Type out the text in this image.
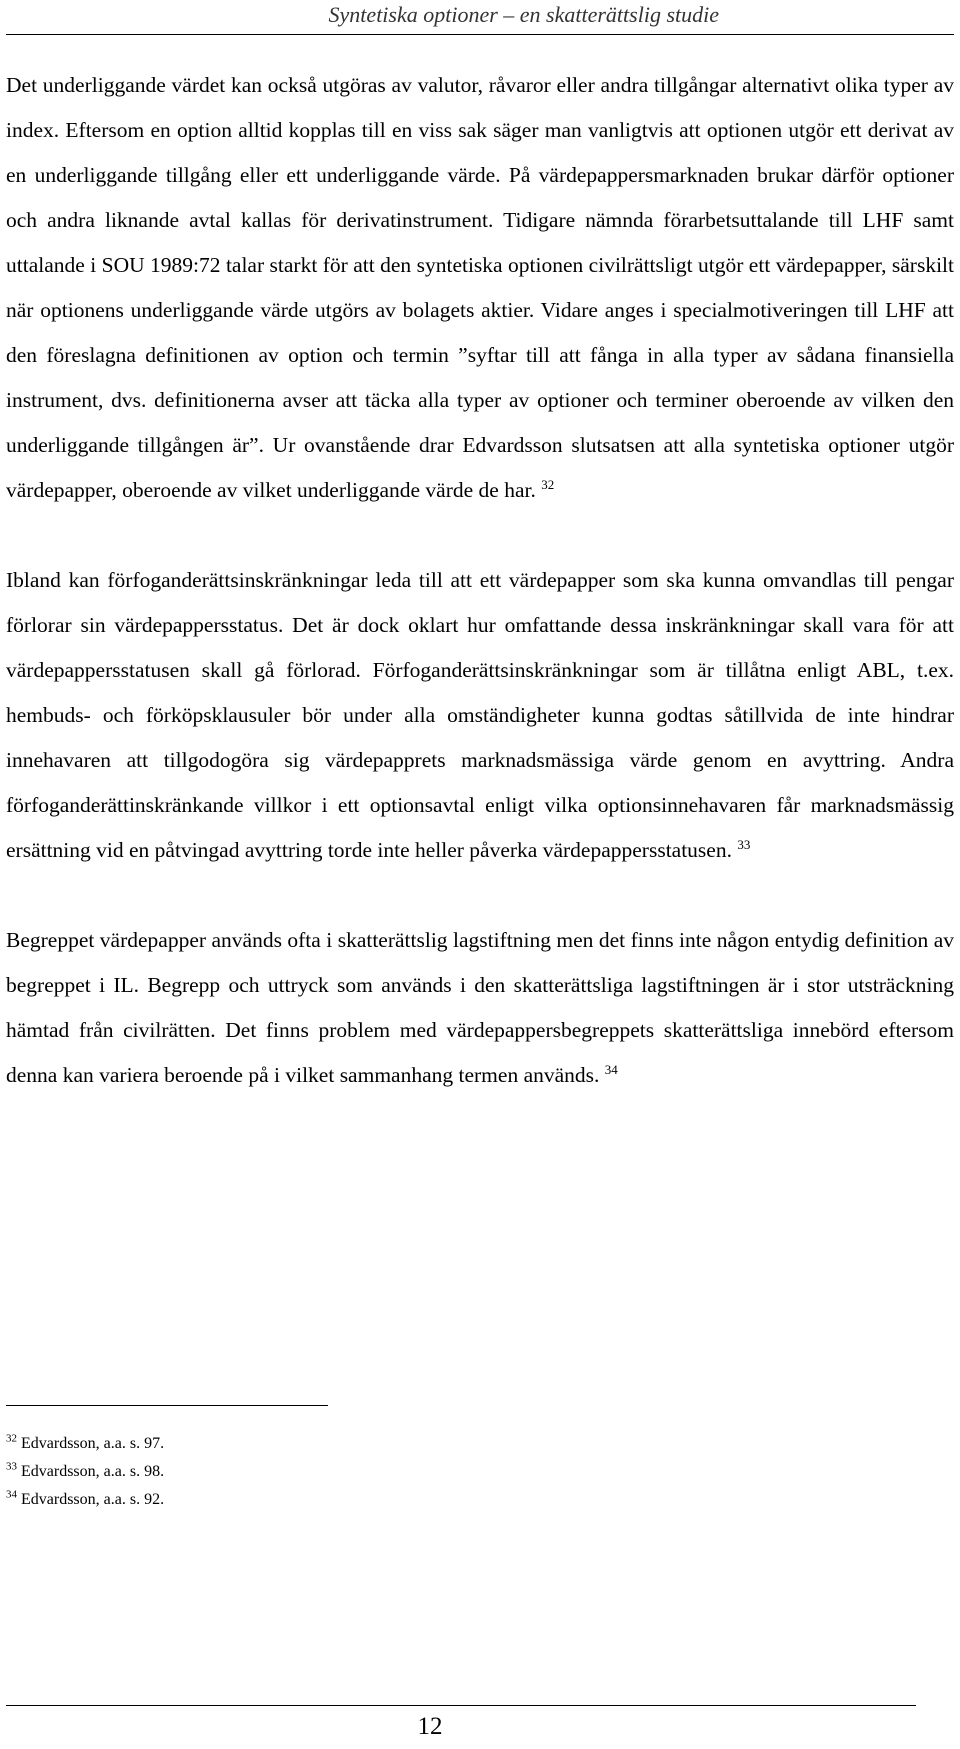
Syntetiska optioner – en skatterättslig studie

Det underliggande värdet kan också utgöras av valutor, råvaror eller andra tillgångar alternativt olika typer av index. Eftersom en option alltid kopplas till en viss sak säger man vanligtvis att optionen utgör ett derivat av en underliggande tillgång eller ett underliggande värde. På värdepappersmarknaden brukar därför optioner och andra liknande avtal kallas för derivatinstrument. Tidigare nämnda förarbetsuttalande till LHF samt uttalande i SOU 1989:72 talar starkt för att den syntetiska optionen civilrättsligt utgör ett värdepapper, särskilt när optionens underliggande värde utgörs av bolagets aktier. Vidare anges i specialmotiveringen till LHF att den föreslagna definitionen av option och termin ”syftar till att fånga in alla typer av sådana finansiella instrument, dvs. definitionerna avser att täcka alla typer av optioner och terminer oberoende av vilken den underliggande tillgången är”. Ur ovanstående drar Edvardsson slutsatsen att alla syntetiska optioner utgör värdepapper, oberoende av vilket underliggande värde de har. $^{32}$

Ibland kan förfoganderättsinskränkningar leda till att ett värdepapper som ska kunna omvandlas till pengar förlorar sin värdepappersstatus. Det är dock oklart hur omfattande dessa inskränkningar skall vara för att värdepappersstatusen skall gå förlorad. Förfoganderättsinskränkningar som är tillåtna enligt ABL, t.ex. hembuds- och förköpsklausuler bör under alla omständigheter kunna godtas såtillvida de inte hindrar innehavaren att tillgodogöra sig värdepapprets marknadsmässiga värde genom en avyttring. Andra förfoganderättinskränkande villkor i ett optionsavtal enligt vilka optionsinnehavaren får marknadsmässig ersättning vid en påtvingad avyttring torde inte heller påverka värdepappersstatusen. $^{33}$

Begreppet värdepapper används ofta i skatterättslig lagstiftning men det finns inte någon entydig definition av begreppet i IL. Begrepp och uttryck som används i den skatterättsliga lagstiftningen är i stor utsträckning hämtad från civilrätten. Det finns problem med värdepappersbegreppets skatterättsliga innebörd eftersom denna kan variera beroende på i vilket sammanhang termen används. $^{34}$

$^{32}$ Edvardsson, a.a. s. 97.
$^{33}$ Edvardsson, a.a. s. 98.
$^{34}$ Edvardsson, a.a. s. 92.
12
